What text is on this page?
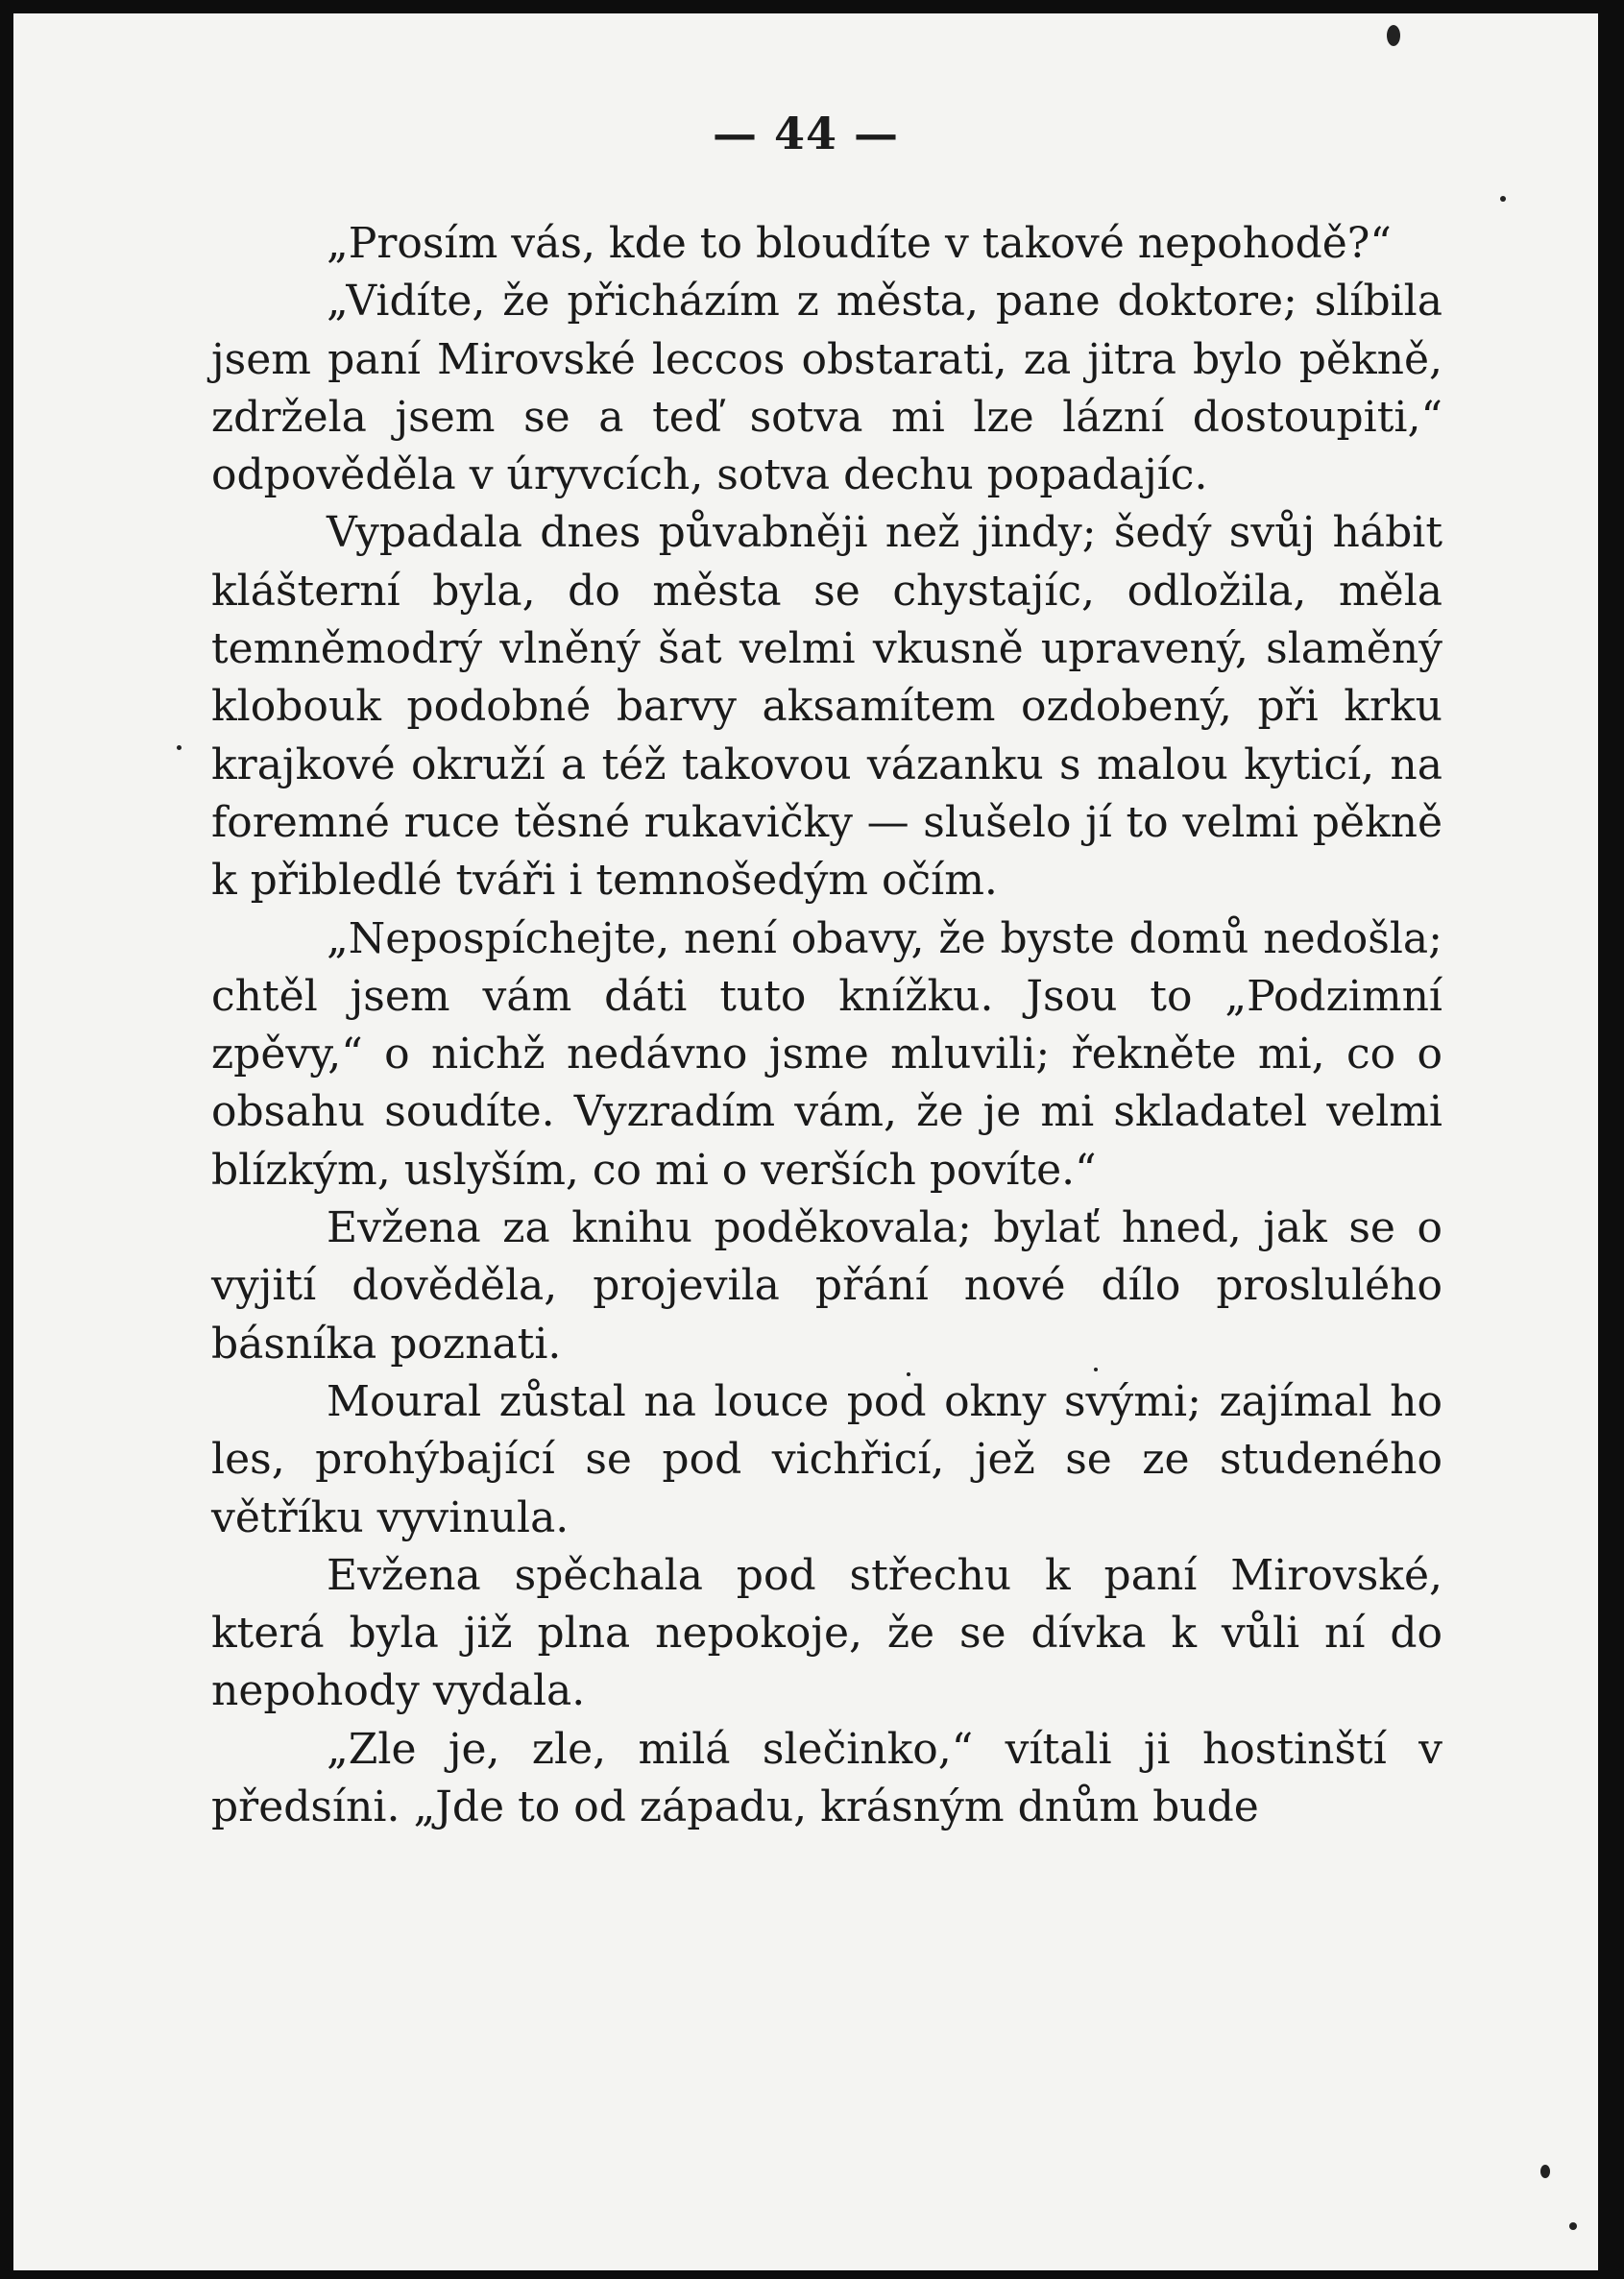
— 44 —

„Prosím vás, kde to bloudíte v takové nepohodě?“

„Vidíte, že přicházím z města, pane doktore; slíbila jsem paní Mirovské leccos obstarati, za jitra bylo pěkně, zdržela jsem se a teď sotva mi lze lázní dostoupiti,“ odpověděla v úryvcích, sotva dechu popadajíc.

Vypadala dnes půvabněji než jindy; šedý svůj hábit klášterní byla, do města se chystajíc, odložila, měla temněmodrý vlněný šat velmi vkusně upravený, slaměný klobouk podobné barvy aksamítem ozdobený, při krku krajkové okruží a též takovou vázanku s malou kyticí, na foremné ruce těsné rukavičky — slušelo jí to velmi pěkně k přibledlé tváři i temnošedým očím.

„Nepospíchejte, není obavy, že byste domů nedošla; chtěl jsem vám dáti tuto knížku. Jsou to „Podzimní zpěvy,“ o nichž nedávno jsme mluvili; řekněte mi, co o obsahu soudíte. Vyzradím vám, že je mi skladatel velmi blízkým, uslyším, co mi o verších povíte.“

Evžena za knihu poděkovala; bylať hned, jak se o vyjití dověděla, projevila přání nové dílo proslulého básníka poznati.

Moural zůstal na louce pod okny svými; zajímal ho les, prohýbající se pod vichřicí, jež se ze studeného větříku vyvinula.

Evžena spěchala pod střechu k paní Mirovské, která byla již plna nepokoje, že se dívka k vůli ní do nepohody vydala.

„Zle je, zle, milá slečinko,“ vítali ji hostinští v předsíni. „Jde to od západu, krásným dnům bude
